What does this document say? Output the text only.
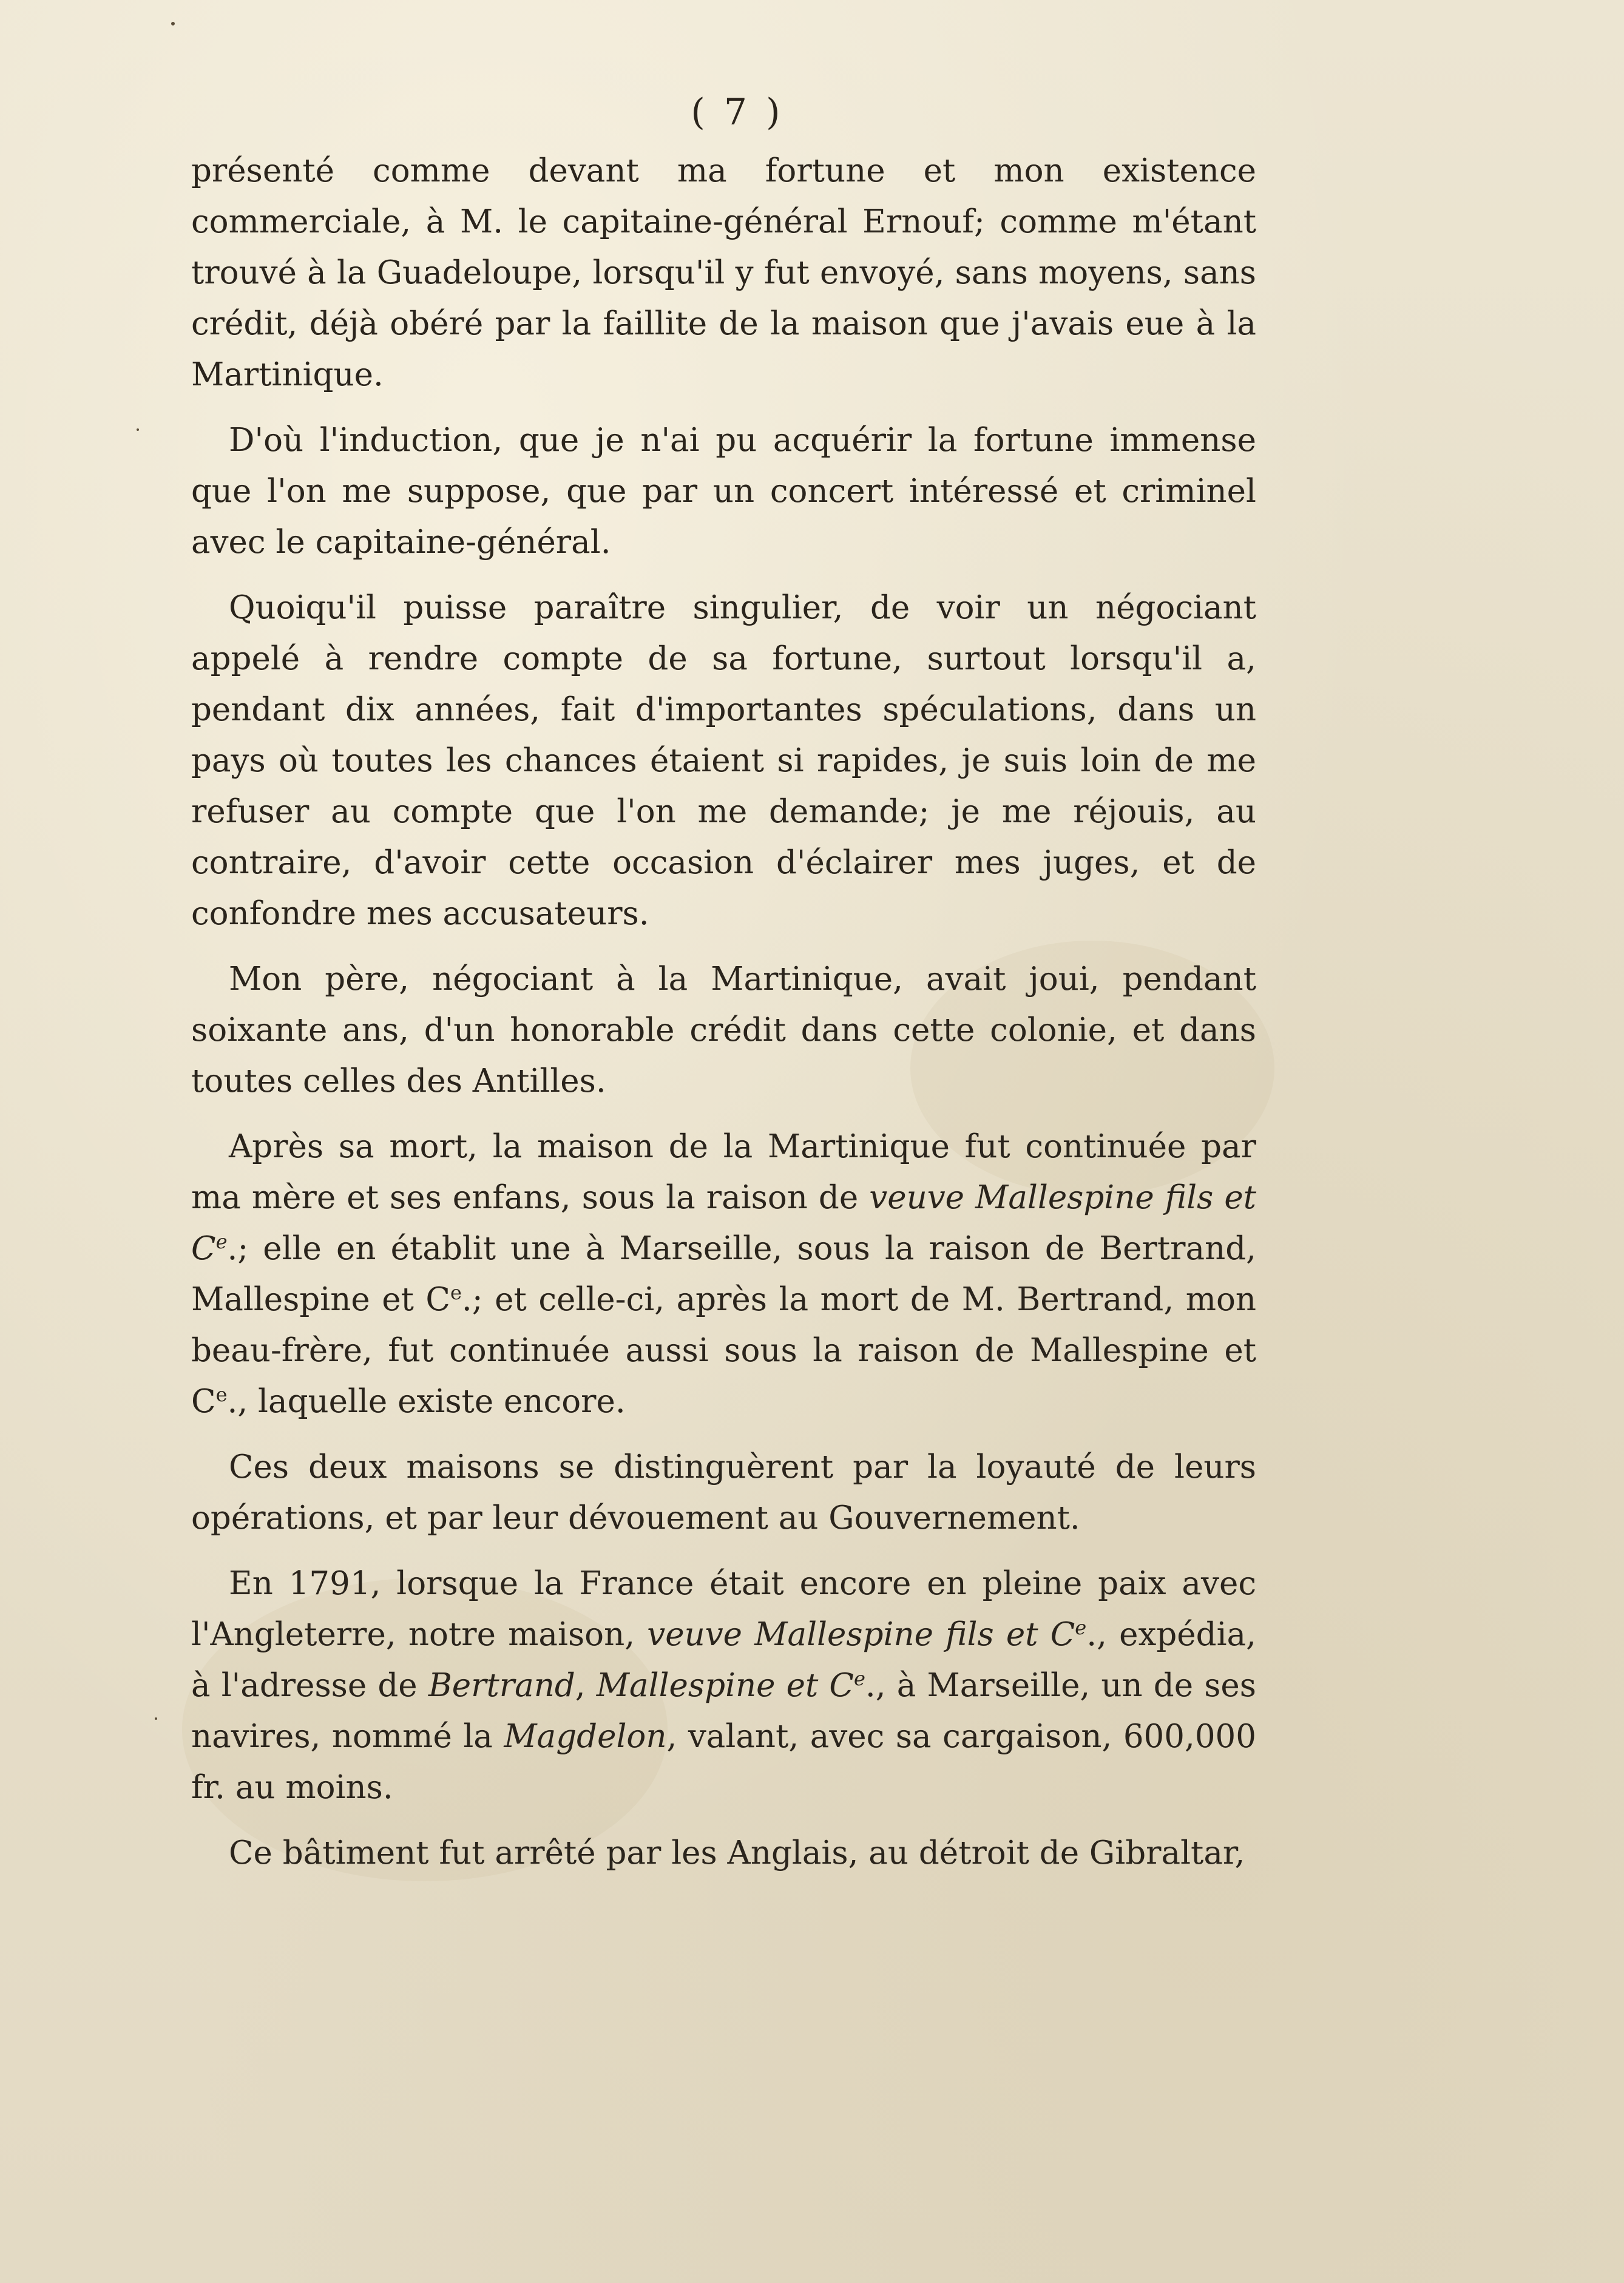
( 7 )

présenté comme devant ma fortune et mon existence commerciale, à M. le capitaine-général Ernouf; comme m'étant trouvé à la Guadeloupe, lorsqu'il y fut envoyé, sans moyens, sans crédit, déjà obéré par la faillite de la maison que j'avais eue à la Martinique.

D'où l'induction, que je n'ai pu acquérir la fortune immense que l'on me suppose, que par un concert intéressé et criminel avec le capitaine-général.

Quoiqu'il puisse paraître singulier, de voir un négociant appelé à rendre compte de sa fortune, surtout lorsqu'il a, pendant dix années, fait d'importantes spéculations, dans un pays où toutes les chances étaient si rapides, je suis loin de me refuser au compte que l'on me demande; je me réjouis, au contraire, d'avoir cette occasion d'éclairer mes juges, et de confondre mes accusateurs.

Mon père, négociant à la Martinique, avait joui, pendant soixante ans, d'un honorable crédit dans cette colonie, et dans toutes celles des Antilles.

Après sa mort, la maison de la Martinique fut continuée par ma mère et ses enfans, sous la raison de veuve Mallespine fils et Ce.; elle en établit une à Marseille, sous la raison de Bertrand, Mallespine et Ce.; et celle-ci, après la mort de M. Bertrand, mon beau-frère, fut continuée aussi sous la raison de Mallespine et Ce., laquelle existe encore.

Ces deux maisons se distinguèrent par la loyauté de leurs opérations, et par leur dévouement au Gouvernement.

En 1791, lorsque la France était encore en pleine paix avec l'Angleterre, notre maison, veuve Mallespine fils et Ce., expédia, à l'adresse de Bertrand, Mallespine et Ce., à Marseille, un de ses navires, nommé la Magdelon, valant, avec sa cargaison, 600,000 fr. au moins.

Ce bâtiment fut arrêté par les Anglais, au détroit de Gibraltar,
